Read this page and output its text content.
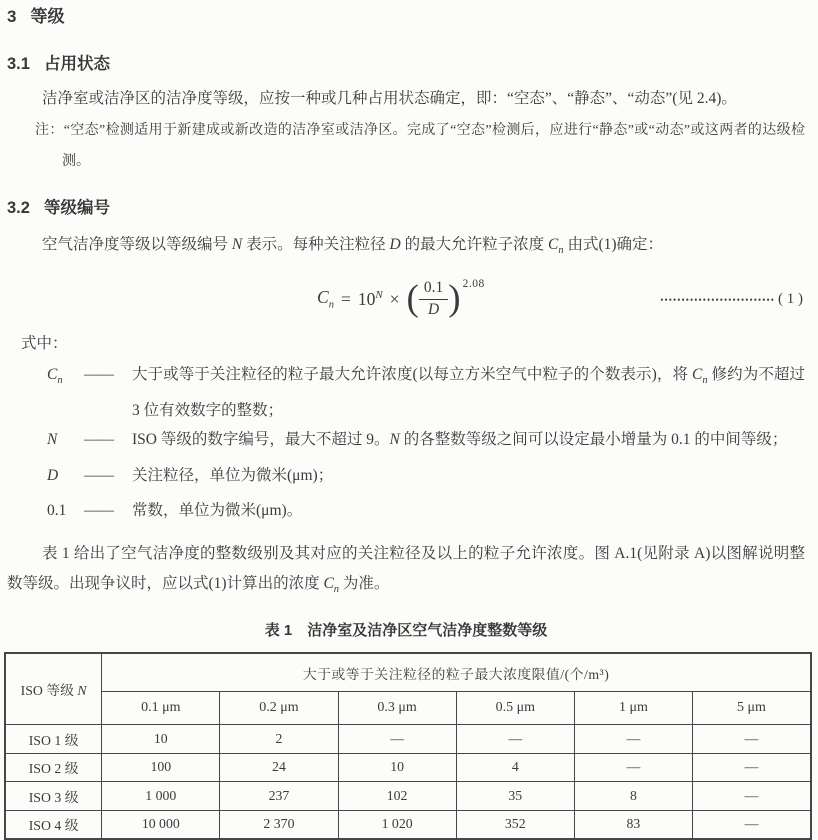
3 等级
3.1 占用状态

洁净室或洁净区的洁净度等级，应按一种或几种占用状态确定，即：“空态”、“静态”、“动态”(见 2.4)。

注：“空态”检测适用于新建成或新改造的洁净室或洁净区。完成了“空态”检测后，应进行“静态”或“动态”或这两者的达级检测。

3.2 等级编号

空气洁净度等级以等级编号 N 表示。每种关注粒径 D 的最大允许粒子浓度 $C_n$ 由式(1)确定：

$C_n = 10^N$ × ( $\frac{0.1}{D}$ ) 2.08
••••••••••••••••••••••••••• ( 1 )

式中：

$C_n$	——	大于或等于关注粒径的粒子最大允许浓度(以每立方米空气中粒子的个数表示)，将 $C_n$ 修约为不超过 3 位有效数字的整数；
N	——	ISO 等级的数字编号，最大不超过 9。N 的各整数等级之间可以设定最小增量为 0.1 的中间等级；
D	——	关注粒径，单位为微米(μm)；
0.1	——	常数，单位为微米(μm)。

表 1 给出了空气洁净度的整数级别及其对应的关注粒径及以上的粒子允许浓度。图 A.1(见附录 A)以图解说明整数等级。出现争议时，应以式(1)计算出的浓度 $C_n$ 为准。

表 1 洁净室及洁净区空气洁净度整数等级
ISO 等级 N	大于或等于关注粒径的粒子最大浓度限值/(个/m³)					
	0.1 μm	0.2 μm	0.3 μm	0.5 μm	1 μm	5 μm
ISO 1 级	10	2	—	—	—	—
ISO 2 级	100	24	10	4	—	—
ISO 3 级	1 000	237	102	35	8	—
ISO 4 级	10 000	2 370	1 020	352	83	—
